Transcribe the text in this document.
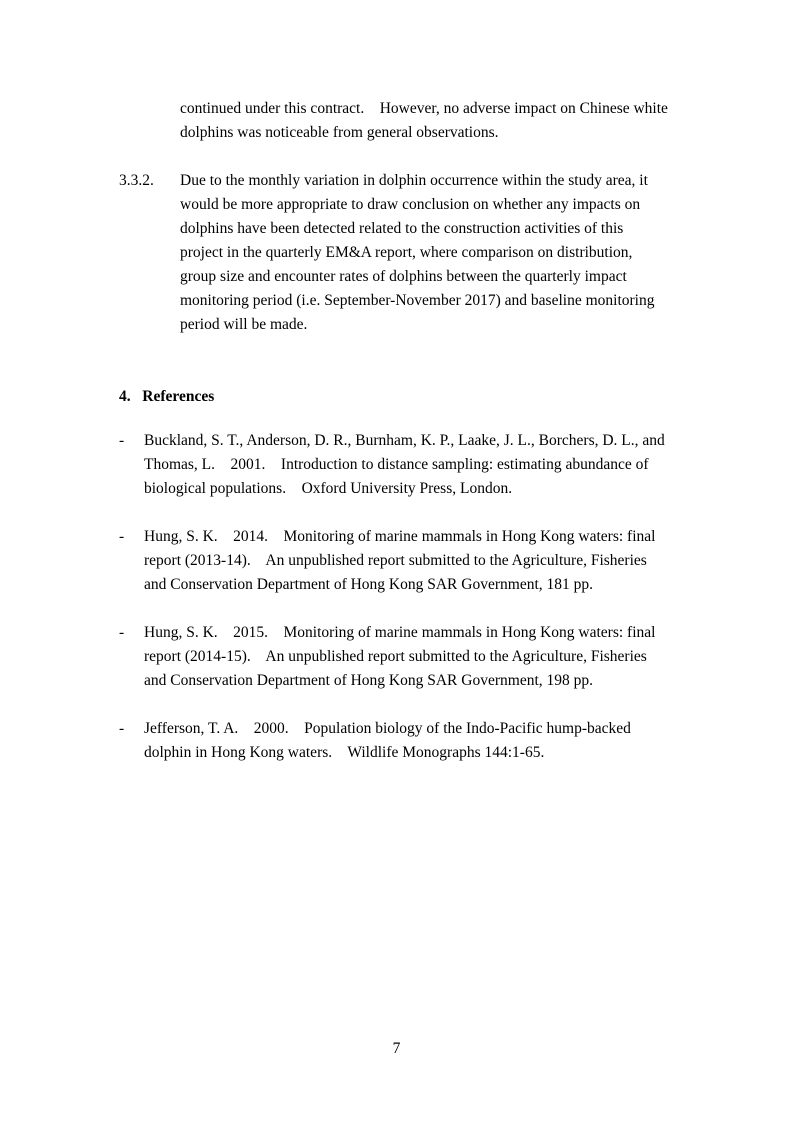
continued under this contract.    However, no adverse impact on Chinese white
dolphins was noticeable from general observations.
3.3.2. Due to the monthly variation in dolphin occurrence within the study area, it
would be more appropriate to draw conclusion on whether any impacts on
dolphins have been detected related to the construction activities of this
project in the quarterly EM&A report, where comparison on distribution,
group size and encounter rates of dolphins between the quarterly impact
monitoring period (i.e. September-November 2017) and baseline monitoring
period will be made.
4.   References
- Buckland, S. T., Anderson, D. R., Burnham, K. P., Laake, J. L., Borchers, D. L., and
Thomas, L.    2001.    Introduction to distance sampling: estimating abundance of
biological populations.    Oxford University Press, London.
- Hung, S. K.    2014.    Monitoring of marine mammals in Hong Kong waters: final
report (2013-14).    An unpublished report submitted to the Agriculture, Fisheries
and Conservation Department of Hong Kong SAR Government, 181 pp.
- Hung, S. K.    2015.    Monitoring of marine mammals in Hong Kong waters: final
report (2014-15).    An unpublished report submitted to the Agriculture, Fisheries
and Conservation Department of Hong Kong SAR Government, 198 pp.
- Jefferson, T. A.    2000.    Population biology of the Indo-Pacific hump-backed
dolphin in Hong Kong waters.    Wildlife Monographs 144:1-65.
7
